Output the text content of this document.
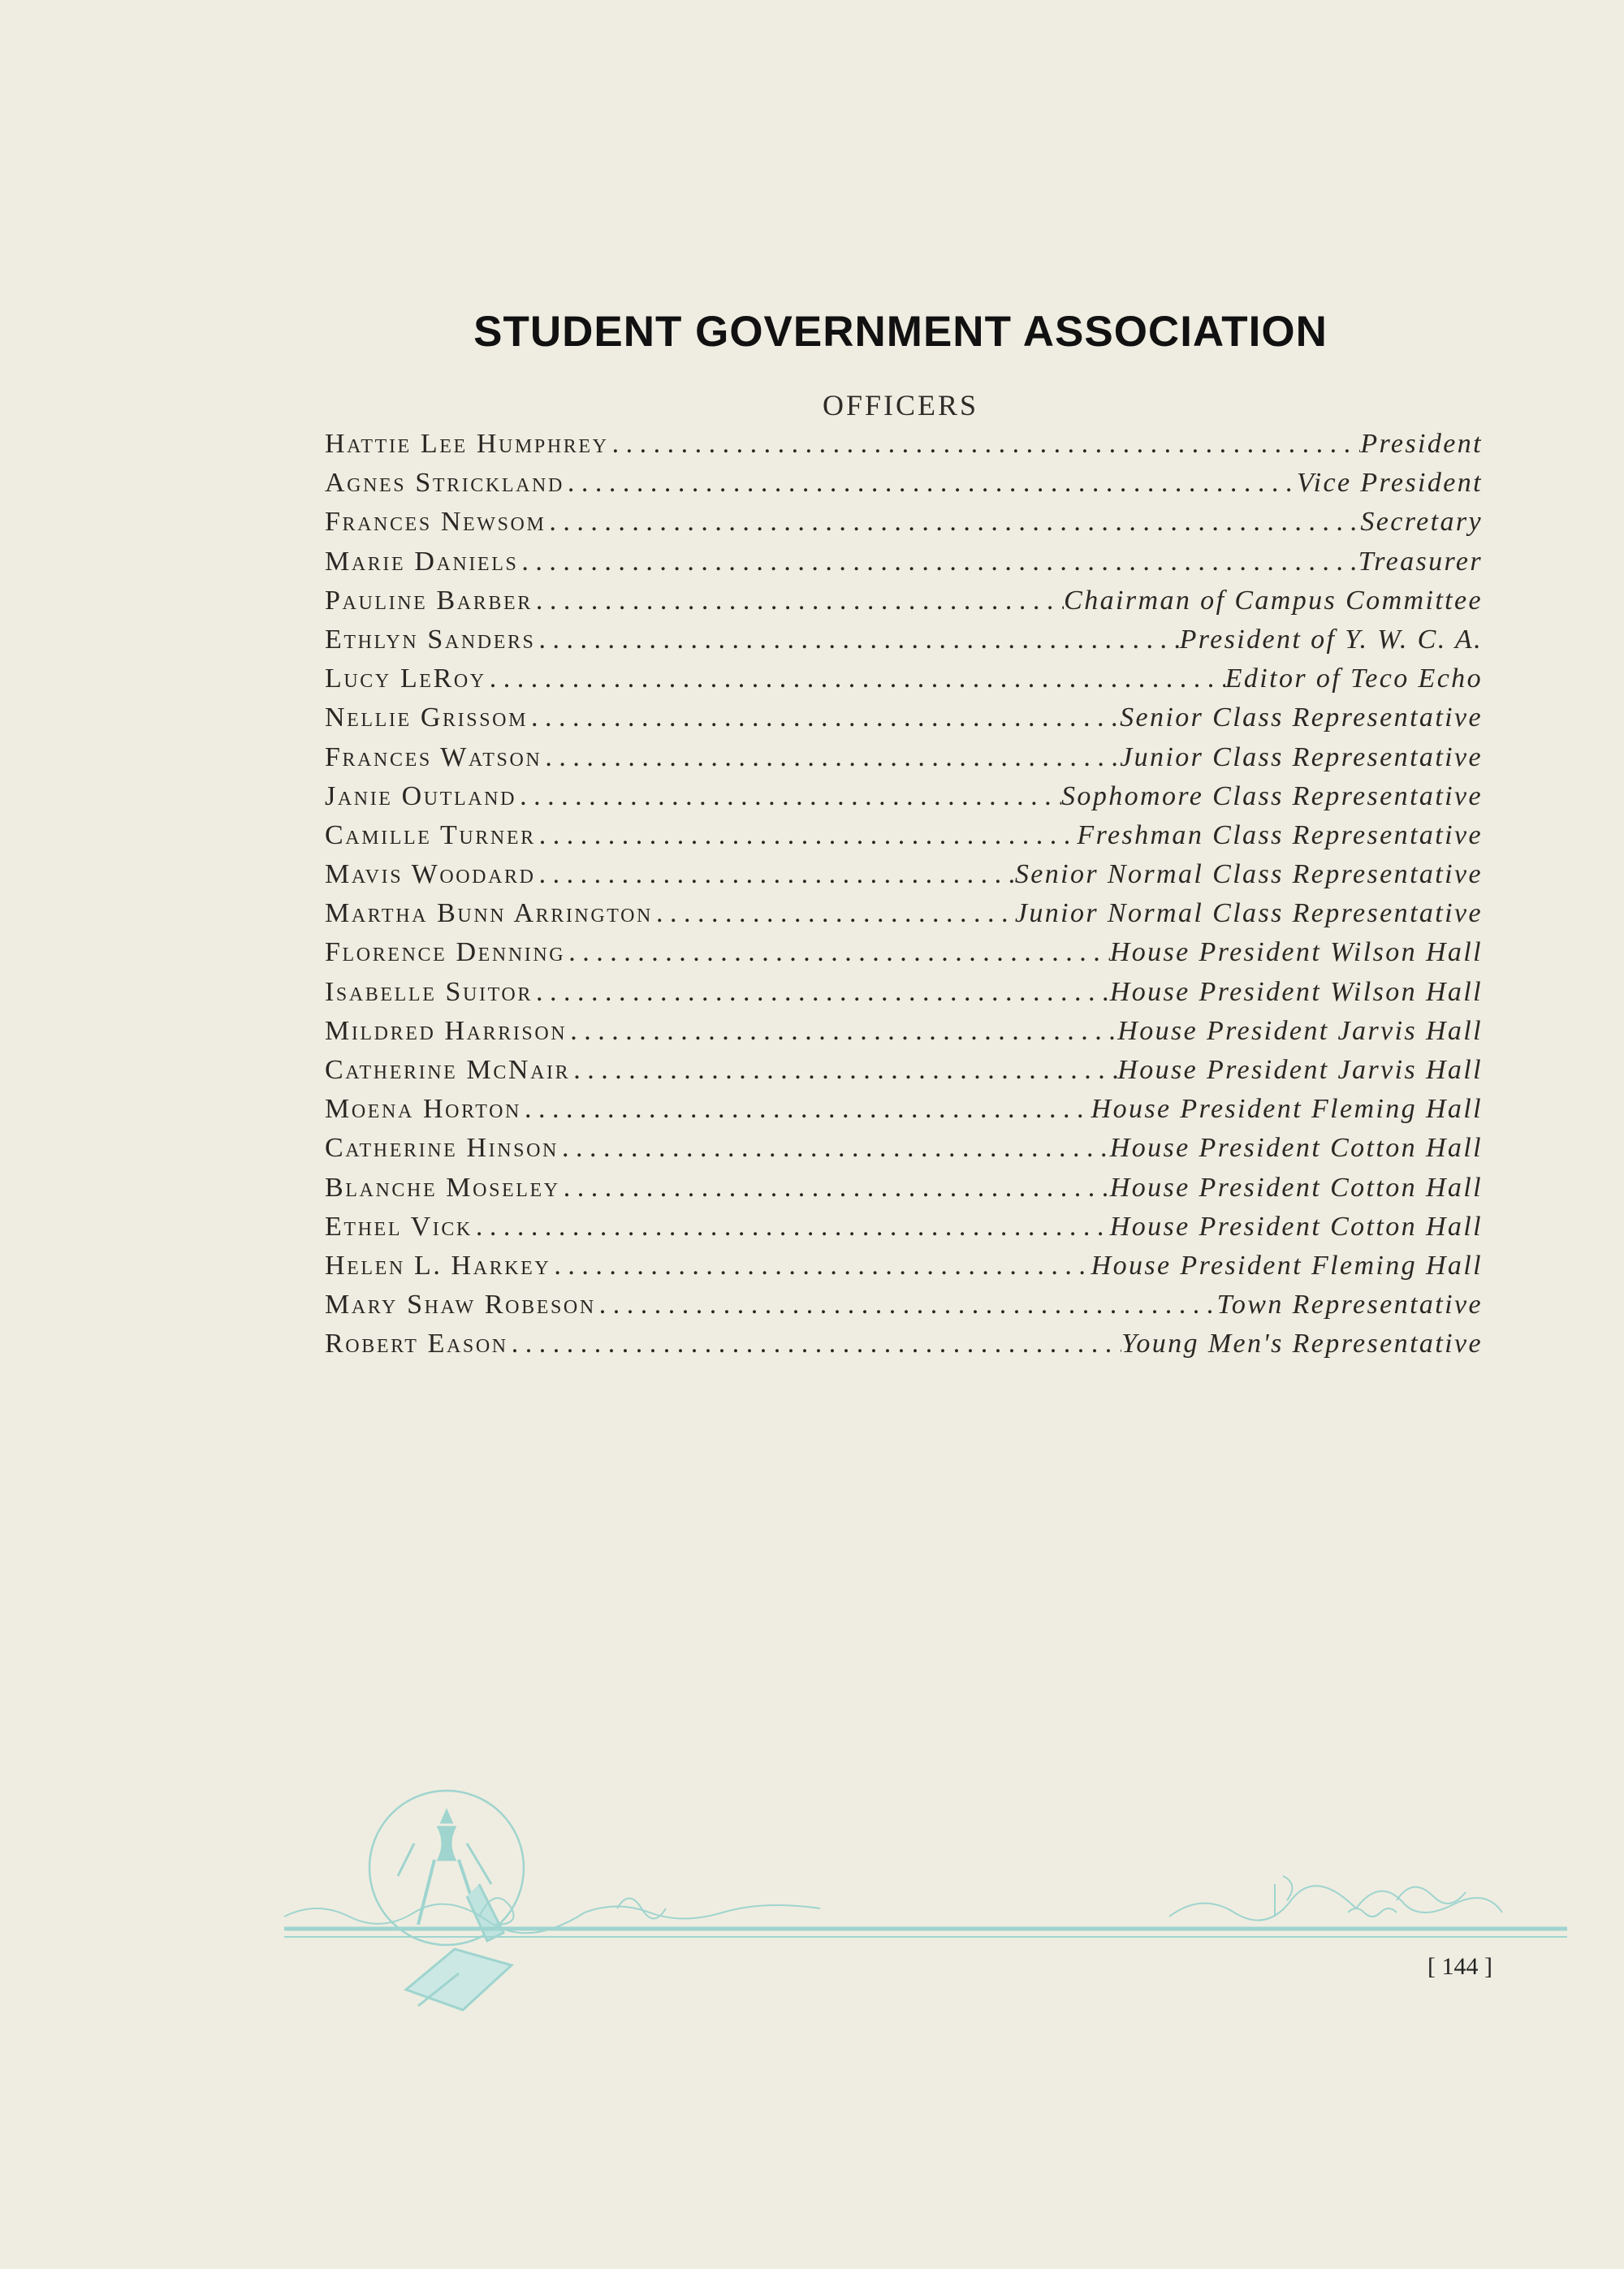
STUDENT GOVERNMENT ASSOCIATION
OFFICERS
Hattie Lee Humphrey . . .	President
Agnes Strickland . . .	Vice President
Frances Newsom . . .	Secretary
Marie Daniels . . .	Treasurer
Pauline Barber . . .	Chairman of Campus Committee
Ethlyn Sanders . . .	President of Y. W. C. A.
Lucy LeRoy . . .	Editor of Teco Echo
Nellie Grissom . . .	Senior Class Representative
Frances Watson . . .	Junior Class Representative
Janie Outland . . .	Sophomore Class Representative
Camille Turner . . .	Freshman Class Representative
Mavis Woodard . . .	Senior Normal Class Representative
Martha Bunn Arrington . . .	Junior Normal Class Representative
Florence Denning . . .	House President Wilson Hall
Isabelle Suitor . . .	House President Wilson Hall
Mildred Harrison . . .	House President Jarvis Hall
Catherine McNair . . .	House President Jarvis Hall
Moena Horton . . .	House President Fleming Hall
Catherine Hinson . . .	House President Cotton Hall
Blanche Moseley . . .	House President Cotton Hall
Ethel Vick . . .	House President Cotton Hall
Helen L. Harkey . . .	House President Fleming Hall
Mary Shaw Robeson . . .	Town Representative
Robert Eason . . .	Young Men's Representative
[ 144 ]
